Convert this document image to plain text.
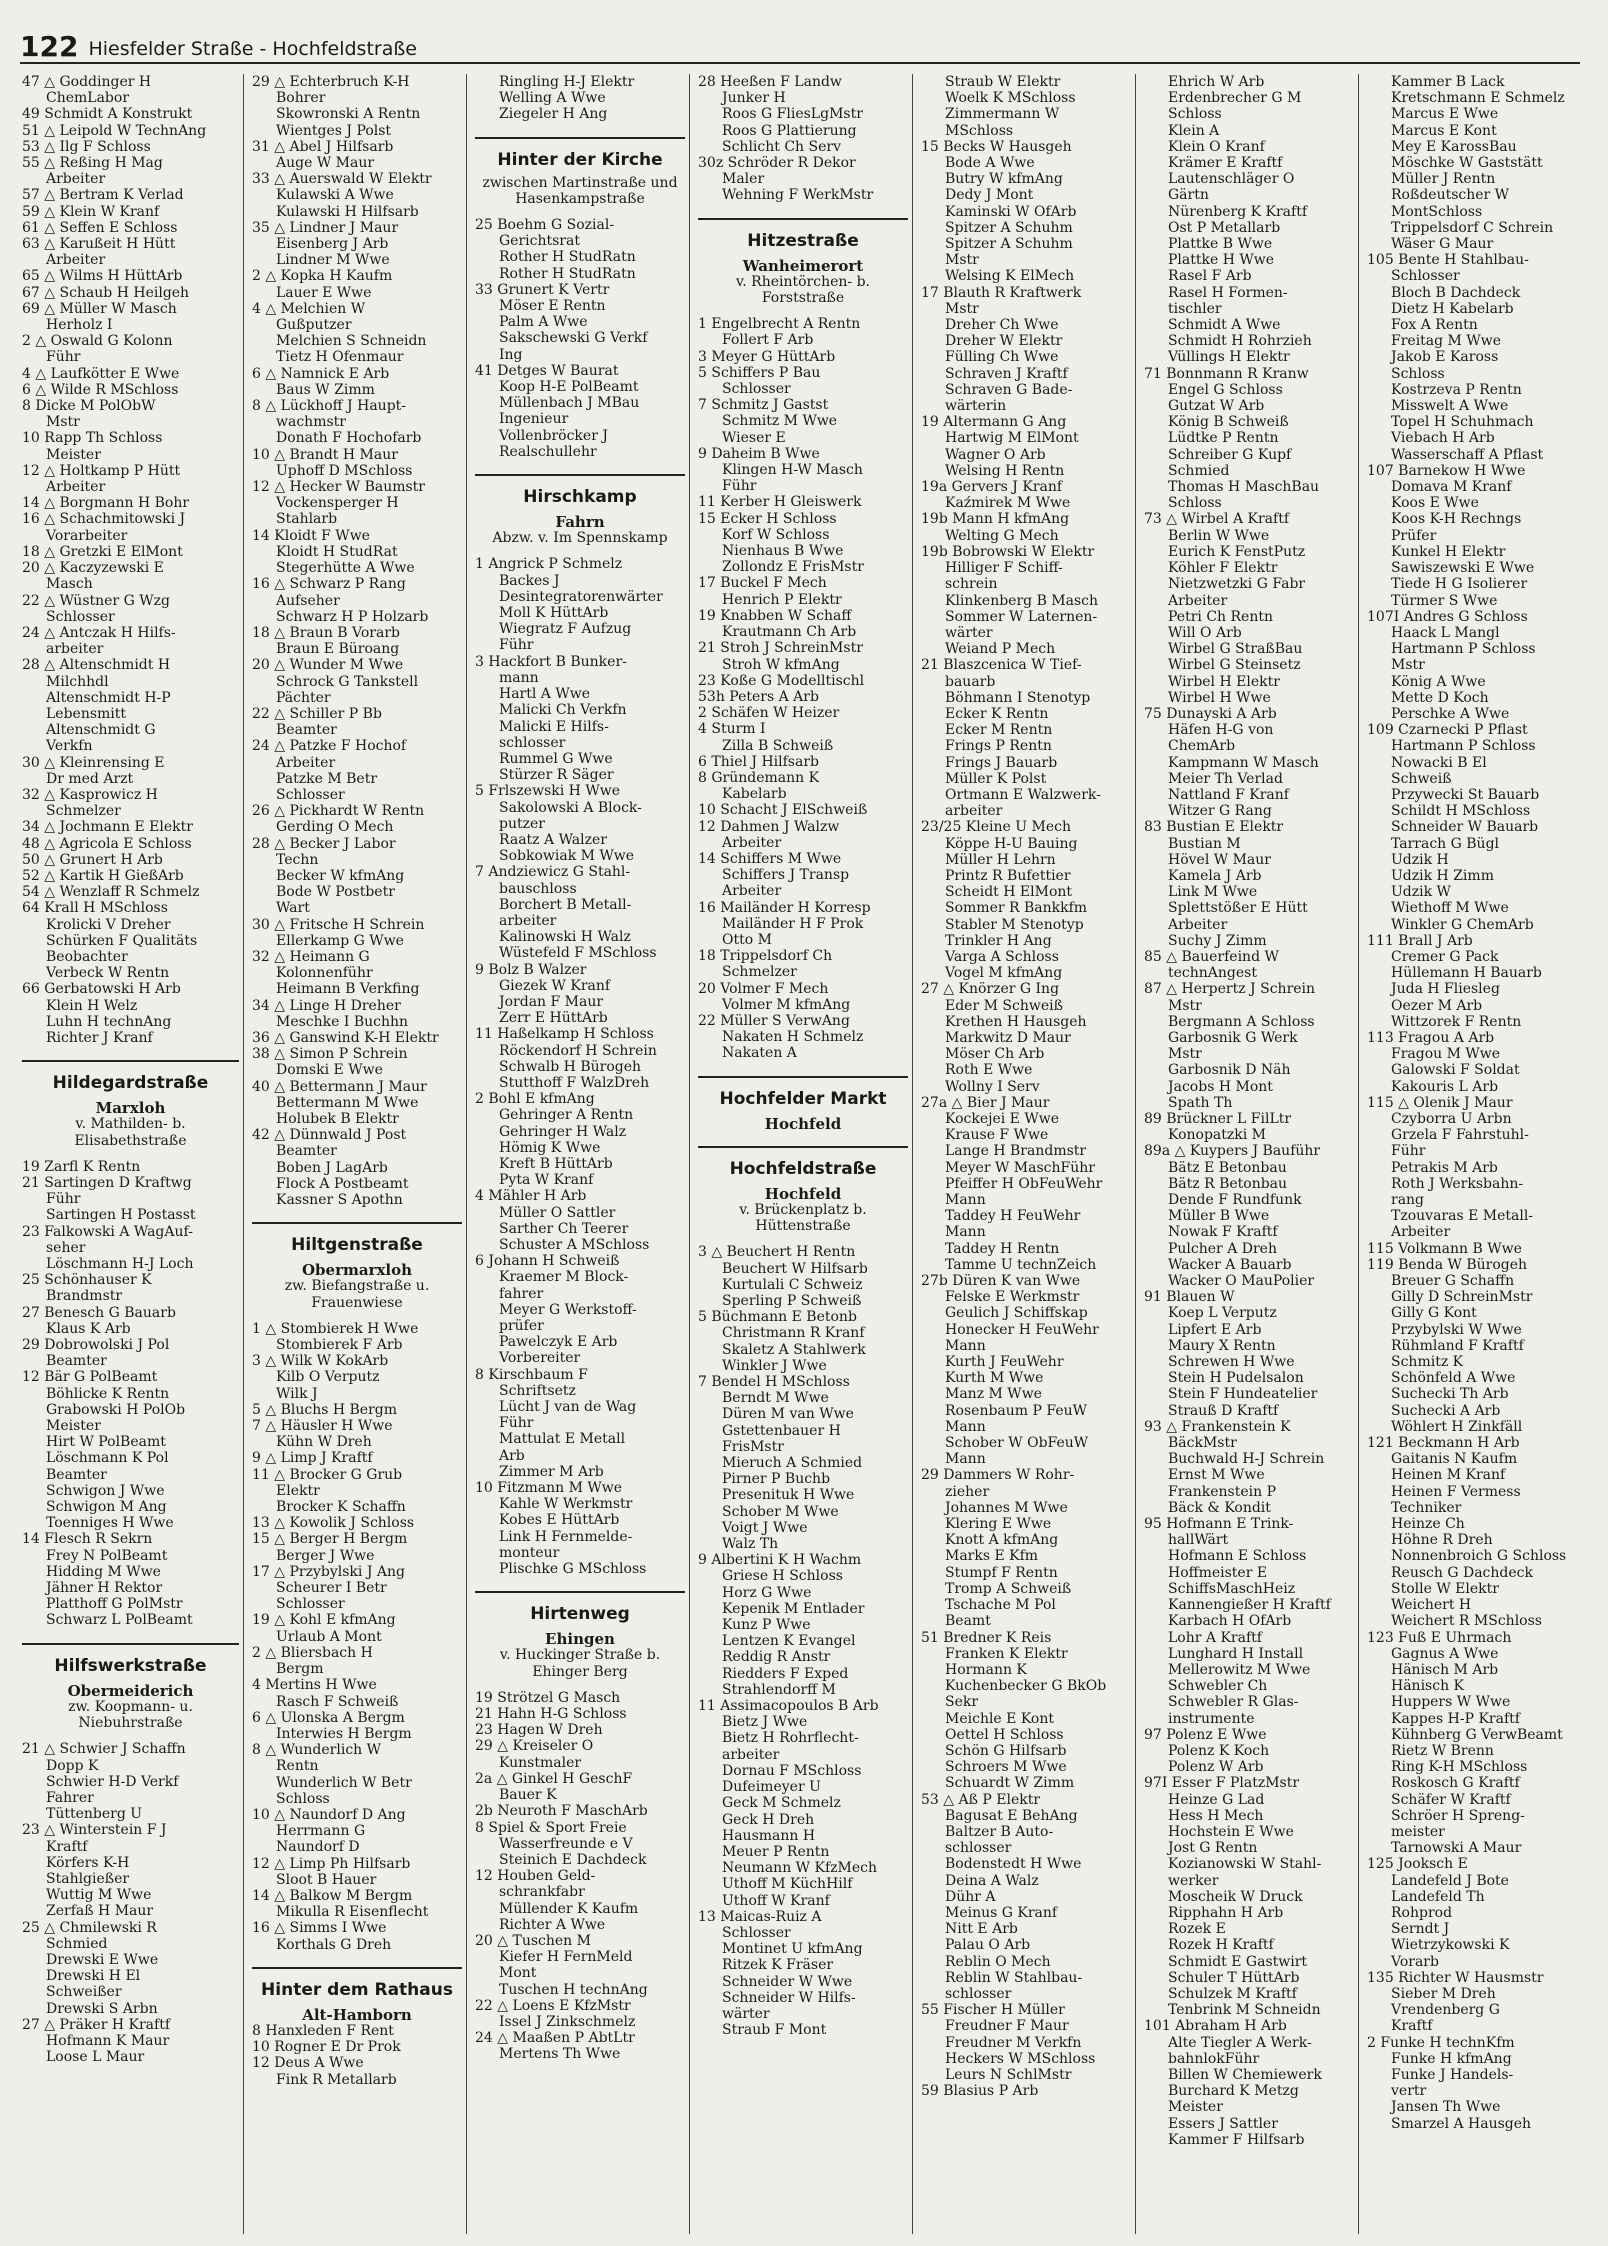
122 Hiesfelder Straße - Hochfeldstraße
47 △ Goddinger H
ChemLabor
49 Schmidt A Konstrukt
51 △ Leipold W TechnAng
53 △ Ilg F Schloss
55 △ Reßing H Mag
Arbeiter
57 △ Bertram K Verlad
59 △ Klein W Kranf
61 △ Seffen E Schloss
63 △ Karußeit H Hütt
Arbeiter
65 △ Wilms H HüttArb
67 △ Schaub H Heilgeh
69 △ Müller W Masch
Herholz I
2 △ Oswald G Kolonn
Führ
4 △ Laufkötter E Wwe
6 △ Wilde R MSchloss
8 Dicke M PolObW
Mstr
10 Rapp Th Schloss
Meister
12 △ Holtkamp P Hütt
Arbeiter
14 △ Borgmann H Bohr
16 △ Schachmitowski J
Vorarbeiter
18 △ Gretzki E ElMont
20 △ Kaczyzewski E
Masch
22 △ Wüstner G Wzg
Schlosser
24 △ Antczak H Hilfs-
arbeiter
28 △ Altenschmidt H
Milchhdl
Altenschmidt H-P
Lebensmitt
Altenschmidt G
Verkfn
30 △ Kleinrensing E
Dr med Arzt
32 △ Kasprowicz H
Schmelzer
34 △ Jochmann E Elektr
48 △ Agricola E Schloss
50 △ Grunert H Arb
52 △ Kartik H GießArb
54 △ Wenzlaff R Schmelz
64 Krall H MSchloss
Krolicki V Dreher
Schürken F Qualitäts
Beobachter
Verbeck W Rentn
66 Gerbatowski H Arb
Klein H Welz
Luhn H technAng
Richter J Kranf
Hildegardstraße
Marxloh
v. Mathilden- b. Elisabethstraße
19 Zarfl K Rentn
21 Sartingen D Kraftwg
Führ
Sartingen H Postasst
23 Falkowski A WagAuf-
seher
Löschmann H-J Loch
25 Schönhauser K
Brandmstr
27 Benesch G Bauarb
Klaus K Arb
29 Dobrowolski J Pol
Beamter
12 Bär G PolBeamt
Böhlicke K Rentn
Grabowski H PolOb
Meister
Hirt W PolBeamt
Löschmann K Pol
Beamter
Schwigon J Wwe
Schwigon M Ang
Toenniges H Wwe
14 Flesch R Sekrn
Frey N PolBeamt
Hidding M Wwe
Jähner H Rektor
Platthoff G PolMstr
Schwarz L PolBeamt
Hilfswerkstraße
Obermeiderich
zw. Koopmann- u. Niebuhrstraße
21 △ Schwier J Schaffn
Dopp K
Schwier H-D Verkf
Fahrer
Tüttenberg U
23 △ Winterstein F J
Kraftf
Körfers K-H
Stahlgießer
Wuttig M Wwe
Zerfaß H Maur
25 △ Chmilewski R
Schmied
Drewski E Wwe
Drewski H El
Schweißer
Drewski S Arbn
27 △ Präker H Kraftf
Hofmann K Maur
Loose L Maur
29 △ Echterbruch K-H
Bohrer
Skowronski A Rentn
Wientges J Polst
31 △ Abel J Hilfsarb
Auge W Maur
33 △ Auerswald W Elektr
Kulawski A Wwe
Kulawski H Hilfsarb
35 △ Lindner J Maur
Eisenberg J Arb
Lindner M Wwe
2 △ Kopka H Kaufm
Lauer E Wwe
4 △ Melchien W
Gußputzer
Melchien S Schneidn
Tietz H Ofenmaur
6 △ Namnick E Arb
Baus W Zimm
8 △ Lückhoff J Haupt-
wachmstr
Donath F Hochofarb
10 △ Brandt H Maur
Uphoff D MSchloss
12 △ Hecker W Baumstr
Vockensperger H
Stahlarb
14 Kloidt F Wwe
Kloidt H StudRat
Stegerhütte A Wwe
16 △ Schwarz P Rang
Aufseher
Schwarz H P Holzarb
18 △ Braun B Vorarb
Braun E Büroang
20 △ Wunder M Wwe
Schrock G Tankstell
Pächter
22 △ Schiller P Bb
Beamter
24 △ Patzke F Hochof
Arbeiter
Patzke M Betr
Schlosser
26 △ Pickhardt W Rentn
Gerding O Mech
28 △ Becker J Labor
Techn
Becker W kfmAng
Bode W Postbetr
Wart
30 △ Fritsche H Schrein
Ellerkamp G Wwe
32 △ Heimann G
Kolonnenführ
Heimann B Verkfing
34 △ Linge H Dreher
Meschke I Buchhn
36 △ Ganswind K-H Elektr
38 △ Simon P Schrein
Domski E Wwe
40 △ Bettermann J Maur
Bettermann M Wwe
Holubek B Elektr
42 △ Dünnwald J Post
Beamter
Boben J LagArb
Flock A Postbeamt
Kassner S Apothn
Hiltgenstraße
Obermarxloh
zw. Biefangstraße u. Frauenwiese
1 △ Stombierek H Wwe
Stombierek F Arb
3 △ Wilk W KokArb
Kilb O Verputz
Wilk J
5 △ Bluchs H Bergm
7 △ Häusler H Wwe
Kühn W Dreh
9 △ Limp J Kraftf
11 △ Brocker G Grub
Elektr
Brocker K Schaffn
13 △ Kowolik J Schloss
15 △ Berger H Bergm
Berger J Wwe
17 △ Przybylski J Ang
Scheurer I Betr
Schlosser
19 △ Kohl E kfmAng
Urlaub A Mont
2 △ Bliersbach H
Bergm
4 Mertins H Wwe
Rasch F Schweiß
6 △ Ulonska A Bergm
Interwies H Bergm
8 △ Wunderlich W
Rentn
Wunderlich W Betr
Schloss
10 △ Naundorf D Ang
Herrmann G
Naundorf D
12 △ Limp Ph Hilfsarb
Sloot B Hauer
14 △ Balkow M Bergm
Mikulla R Eisenflecht
16 △ Simms I Wwe
Korthals G Dreh
Hinter dem Rathaus
Alt-Hamborn
8 Hanxleden F Rent
10 Rogner E Dr Prok
12 Deus A Wwe
Fink R Metallarb
Ringling H-J Elektr
Welling A Wwe
Ziegeler H Ang
Hinter der Kirche
zwischen Martinstraße und Hasenkampstraße
25 Boehm G Sozial-
Gerichtsrat
Rother H StudRatn
Rother H StudRatn
33 Grunert K Vertr
Möser E Rentn
Palm A Wwe
Sakschewski G Verkf
Ing
41 Detges W Baurat
Koop H-E PolBeamt
Müllenbach J MBau
Ingenieur
Vollenbröcker J
Realschullehr
Hirschkamp
Fahrn
Abzw. v. Im Spennskamp
1 Angrick P Schmelz
Backes J
Desintegratorenwärter
Moll K HüttArb
Wiegratz F Aufzug
Führ
3 Hackfort B Bunker-
mann
Hartl A Wwe
Malicki Ch Verkfn
Malicki E Hilfs-
schlosser
Rummel G Wwe
Stürzer R Säger
5 Frlszewski H Wwe
Sakolowski A Block-
putzer
Raatz A Walzer
Sobkowiak M Wwe
7 Andziewicz G Stahl-
bauschloss
Borchert B Metall-
arbeiter
Kalinowski H Walz
Wüstefeld F MSchloss
9 Bolz B Walzer
Giezek W Kranf
Jordan F Maur
Zerr E HüttArb
11 Haßelkamp H Schloss
Röckendorf H Schrein
Schwalb H Bürogeh
Stutthoff F WalzDreh
2 Bohl E kfmAng
Gehringer A Rentn
Gehringer H Walz
Hömig K Wwe
Kreft B HüttArb
Pyta W Kranf
4 Mähler H Arb
Müller O Sattler
Sarther Ch Teerer
Schuster A MSchloss
6 Johann H Schweiß
Kraemer M Block-
fahrer
Meyer G Werkstoff-
prüfer
Pawelczyk E Arb
Vorbereiter
8 Kirschbaum F
Schriftsetz
Lücht J van de Wag
Führ
Mattulat E Metall
Arb
Zimmer M Arb
10 Fitzmann M Wwe
Kahle W Werkmstr
Kobes E HüttArb
Link H Fernmelde-
monteur
Plischke G MSchloss
Hirtenweg
Ehingen
v. Huckinger Straße b. Ehinger Berg
19 Strötzel G Masch
21 Hahn H-G Schloss
23 Hagen W Dreh
29 △ Kreiseler O
Kunstmaler
2a △ Ginkel H GeschF
Bauer K
2b Neuroth F MaschArb
8 Spiel & Sport Freie
Wasserfreunde e V
Steinich E Dachdeck
12 Houben Geld-
schrankfabr
Müllender K Kaufm
Richter A Wwe
20 △ Tuschen M
Kiefer H FernMeld
Mont
Tuschen H technAng
22 △ Loens E KfzMstr
Issel J Zinkschmelz
24 △ Maaßen P AbtLtr
Mertens Th Wwe
28 Heeßen F Landw
Junker H
Roos G FliesLgMstr
Roos G Plattierung
Schlicht Ch Serv
30z Schröder R Dekor
Maler
Wehning F WerkMstr
Hitzestraße
Wanheimerort
v. Rheintörchen- b. Forststraße
1 Engelbrecht A Rentn
Follert F Arb
3 Meyer G HüttArb
5 Schiffers P Bau
Schlosser
7 Schmitz J Gastst
Schmitz M Wwe
Wieser E
9 Daheim B Wwe
Klingen H-W Masch
Führ
11 Kerber H Gleiswerk
15 Ecker H Schloss
Korf W Schloss
Nienhaus B Wwe
Zollondz E FrisMstr
17 Buckel F Mech
Henrich P Elektr
19 Knabben W Schaff
Krautmann Ch Arb
21 Stroh J SchreinMstr
Stroh W kfmAng
23 Koße G Modelltischl
53h Peters A Arb
2 Schäfen W Heizer
4 Sturm I
Zilla B Schweiß
6 Thiel J Hilfsarb
8 Gründemann K
Kabelarb
10 Schacht J ElSchweiß
12 Dahmen J Walzw
Arbeiter
14 Schiffers M Wwe
Schiffers J Transp
Arbeiter
16 Mailänder H Korresp
Mailänder H F Prok
Otto M
18 Trippelsdorf Ch
Schmelzer
20 Volmer F Mech
Volmer M kfmAng
22 Müller S VerwAng
Nakaten H Schmelz
Nakaten A
Hochfelder Markt
Hochfeld
Hochfeldstraße
Hochfeld
v. Brückenplatz b. Hüttenstraße
3 △ Beuchert H Rentn
Beuchert W Hilfsarb
Kurtulali C Schweiz
Sperling P Schweiß
5 Büchmann E Betonb
Christmann R Kranf
Skaletz A Stahlwerk
Winkler J Wwe
7 Bendel H MSchloss
Berndt M Wwe
Düren M van Wwe
Gstettenbauer H
FrisMstr
Mieruch A Schmied
Pirner P Buchb
Presenituk H Wwe
Schober M Wwe
Voigt J Wwe
Walz Th
9 Albertini K H Wachm
Griese H Schloss
Horz G Wwe
Kepenik M Entlader
Kunz P Wwe
Lentzen K Evangel
Reddig R Anstr
Riedders F Exped
Strahlendorff M
11 Assimacopoulos B Arb
Bietz J Wwe
Bietz H Rohrflecht-
arbeiter
Dornau F MSchloss
Dufeimeyer U
Geck M Schmelz
Geck H Dreh
Hausmann H
Meuer P Rentn
Neumann W KfzMech
Uthoff M KüchHilf
Uthoff W Kranf
13 Maicas-Ruiz A
Schlosser
Montinet U kfmAng
Ritzek K Fräser
Schneider W Wwe
Schneider W Hilfs-
wärter
Straub F Mont
Straub W Elektr
Woelk K MSchloss
Zimmermann W
MSchloss
15 Becks W Hausgeh
Bode A Wwe
Butry W kfmAng
Dedy J Mont
Kaminski W OfArb
Spitzer A Schuhm
Spitzer A Schuhm
Mstr
Welsing K ElMech
17 Blauth R Kraftwerk
Mstr
Dreher Ch Wwe
Dreher W Elektr
Fülling Ch Wwe
Schraven J Kraftf
Schraven G Bade-
wärterin
19 Altermann G Ang
Hartwig M ElMont
Wagner O Arb
Welsing H Rentn
19a Gervers J Kranf
Kaźmirek M Wwe
19b Mann H kfmAng
Welting G Mech
19b Bobrowski W Elektr
Hilliger F Schiff-
schrein
Klinkenberg B Masch
Sommer W Laternen-
wärter
Weiand P Mech
21 Blaszcenica W Tief-
bauarb
Böhmann I Stenotyp
Ecker K Rentn
Ecker M Rentn
Frings P Rentn
Frings J Bauarb
Müller K Polst
Ortmann E Walzwerk-
arbeiter
23/25 Kleine U Mech
Köppe H-U Bauing
Müller H Lehrn
Printz R Bufettier
Scheidt H ElMont
Sommer R Bankkfm
Stabler M Stenotyp
Trinkler H Ang
Varga A Schloss
Vogel M kfmAng
27 △ Knörzer G Ing
Eder M Schweiß
Krethen H Hausgeh
Markwitz D Maur
Möser Ch Arb
Roth E Wwe
Wollny I Serv
27a △ Bier J Maur
Kockejei E Wwe
Krause F Wwe
Lange H Brandmstr
Meyer W MaschFühr
Pfeiffer H ObFeuWehr
Mann
Taddey H FeuWehr
Mann
Taddey H Rentn
Tamme U technZeich
27b Düren K van Wwe
Felske E Werkmstr
Geulich J Schiffskap
Honecker H FeuWehr
Mann
Kurth J FeuWehr
Kurth M Wwe
Manz M Wwe
Rosenbaum P FeuW
Mann
Schober W ObFeuW
Mann
29 Dammers W Rohr-
zieher
Johannes M Wwe
Klering E Wwe
Knott A kfmAng
Marks E Kfm
Stumpf F Rentn
Tromp A Schweiß
Tschache M Pol
Beamt
51 Bredner K Reis
Franken K Elektr
Hormann K
Kuchenbecker G BkOb
Sekr
Meichle E Kont
Oettel H Schloss
Schön G Hilfsarb
Schroers M Wwe
Schuardt W Zimm
53 △ Aß P Elektr
Bagusat E BehAng
Baltzer B Auto-
schlosser
Bodenstedt H Wwe
Deina A Walz
Dühr A
Meinus G Kranf
Nitt E Arb
Palau O Arb
Reblin O Mech
Reblin W Stahlbau-
schlosser
55 Fischer H Müller
Freudner F Maur
Freudner M Verkfn
Heckers W MSchloss
Leurs N SchlMstr
59 Blasius P Arb
Ehrich W Arb
Erdenbrecher G M
Schloss
Klein A
Klein O Kranf
Krämer E Kraftf
Lautenschläger O
Gärtn
Nürenberg K Kraftf
Ost P Metallarb
Plattke B Wwe
Plattke H Wwe
Rasel F Arb
Rasel H Formen-
tischler
Schmidt A Wwe
Schmidt H Rohrzieh
Vüllings H Elektr
71 Bonnmann R Kranw
Engel G Schloss
Gutzat W Arb
König B Schweiß
Lüdtke P Rentn
Schreiber G Kupf
Schmied
Thomas H MaschBau
Schloss
73 △ Wirbel A Kraftf
Berlin W Wwe
Eurich K FenstPutz
Köhler F Elektr
Nietzwetzki G Fabr
Arbeiter
Petri Ch Rentn
Will O Arb
Wirbel G StraßBau
Wirbel G Steinsetz
Wirbel H Elektr
Wirbel H Wwe
75 Dunayski A Arb
Häfen H-G von
ChemArb
Kampmann W Masch
Meier Th Verlad
Nattland F Kranf
Witzer G Rang
83 Bustian E Elektr
Bustian M
Hövel W Maur
Kamela J Arb
Link M Wwe
Splettstößer E Hütt
Arbeiter
Suchy J Zimm
85 △ Bauerfeind W
technAngest
87 △ Herpertz J Schrein
Mstr
Bergmann A Schloss
Garbosnik G Werk
Mstr
Garbosnik D Näh
Jacobs H Mont
Spath Th
89 Brückner L FilLtr
Konopatzki M
89a △ Kuypers J Bauführ
Bätz E Betonbau
Bätz R Betonbau
Dende F Rundfunk
Müller B Wwe
Nowak F Kraftf
Pulcher A Dreh
Wacker A Bauarb
Wacker O MauPolier
91 Blauen W
Koep L Verputz
Lipfert E Arb
Maury X Rentn
Schrewen H Wwe
Stein H Pudelsalon
Stein F Hundeatelier
Strauß D Kraftf
93 △ Frankenstein K
BäckMstr
Buchwald H-J Schrein
Ernst M Wwe
Frankenstein P
Bäck & Kondit
95 Hofmann E Trink-
hallWärt
Hofmann E Schloss
Hoffmeister E
SchiffsMaschHeiz
Kannengießer H Kraftf
Karbach H OfArb
Lohr A Kraftf
Lunghard H Install
Mellerowitz M Wwe
Schwebler Ch
Schwebler R Glas-
instrumente
97 Polenz E Wwe
Polenz K Koch
Polenz W Arb
97I Esser F PlatzMstr
Heinze G Lad
Hess H Mech
Hochstein E Wwe
Jost G Rentn
Kozianowski W Stahl-
werker
Moscheik W Druck
Ripphahn H Arb
Rozek E
Rozek H Kraftf
Schmidt E Gastwirt
Schuler T HüttArb
Schulzek M Kraftf
Tenbrink M Schneidn
101 Abraham H Arb
Alte Tiegler A Werk-
bahnlokFühr
Billen W Chemiewerk
Burchard K Metzg
Meister
Essers J Sattler
Kammer F Hilfsarb
Kammer B Lack
Kretschmann E Schmelz
Marcus E Wwe
Marcus E Kont
Mey E KarossBau
Möschke W Gaststätt
Müller J Rentn
Roßdeutscher W
MontSchloss
Trippelsdorf C Schrein
Wäser G Maur
105 Bente H Stahlbau-
Schlosser
Bloch B Dachdeck
Dietz H Kabelarb
Fox A Rentn
Freitag M Wwe
Jakob E Kaross
Schloss
Kostrzeva P Rentn
Misswelt A Wwe
Topel H Schuhmach
Viebach H Arb
Wasserschaff A Pflast
107 Barnekow H Wwe
Domava M Kranf
Koos E Wwe
Koos K-H Rechngs
Prüfer
Kunkel H Elektr
Sawiszewski E Wwe
Tiede H G Isolierer
Türmer S Wwe
107I Andres G Schloss
Haack L Mangl
Hartmann P Schloss
Mstr
König A Wwe
Mette D Koch
Perschke A Wwe
109 Czarnecki P Pflast
Hartmann P Schloss
Nowacki B El
Schweiß
Przywecki St Bauarb
Schildt H MSchloss
Schneider W Bauarb
Tarrach G Bügl
Udzik H
Udzik H Zimm
Udzik W
Wiethoff M Wwe
Winkler G ChemArb
111 Brall J Arb
Cremer G Pack
Hüllemann H Bauarb
Juda H Fliesleg
Oezer M Arb
Wittzorek F Rentn
113 Fragou A Arb
Fragou M Wwe
Galowski F Soldat
Kakouris L Arb
115 △ Olenik J Maur
Czyborra U Arbn
Grzela F Fahrstuhl-
Führ
Petrakis M Arb
Roth J Werksbahn-
rang
Tzouvaras E Metall-
Arbeiter
115 Volkmann B Wwe
119 Benda W Bürogeh
Breuer G Schaffn
Gilly D SchreinMstr
Gilly G Kont
Przybylski W Wwe
Rühmland F Kraftf
Schmitz K
Schönfeld A Wwe
Suchecki Th Arb
Suchecki A Arb
Wöhlert H Zinkfäll
121 Beckmann H Arb
Gaitanis N Kaufm
Heinen M Kranf
Heinen F Vermess
Techniker
Heinze Ch
Höhne R Dreh
Nonnenbroich G Schloss
Reusch G Dachdeck
Stolle W Elektr
Weichert H
Weichert R MSchloss
123 Fuß E Uhrmach
Gagnus A Wwe
Hänisch M Arb
Hänisch K
Huppers W Wwe
Kappes H-P Kraftf
Kühnberg G VerwBeamt
Rietz W Brenn
Ring K-H MSchloss
Roskosch G Kraftf
Schäfer W Kraftf
Schröer H Spreng-
meister
Tarnowski A Maur
125 Jooksch E
Landefeld J Bote
Landefeld Th
Rohprod
Serndt J
Wietrzykowski K
Vorarb
135 Richter W Hausmstr
Sieber M Dreh
Vrendenberg G
Kraftf
2 Funke H technKfm
Funke H kfmAng
Funke J Handels-
vertr
Jansen Th Wwe
Smarzel A Hausgeh
